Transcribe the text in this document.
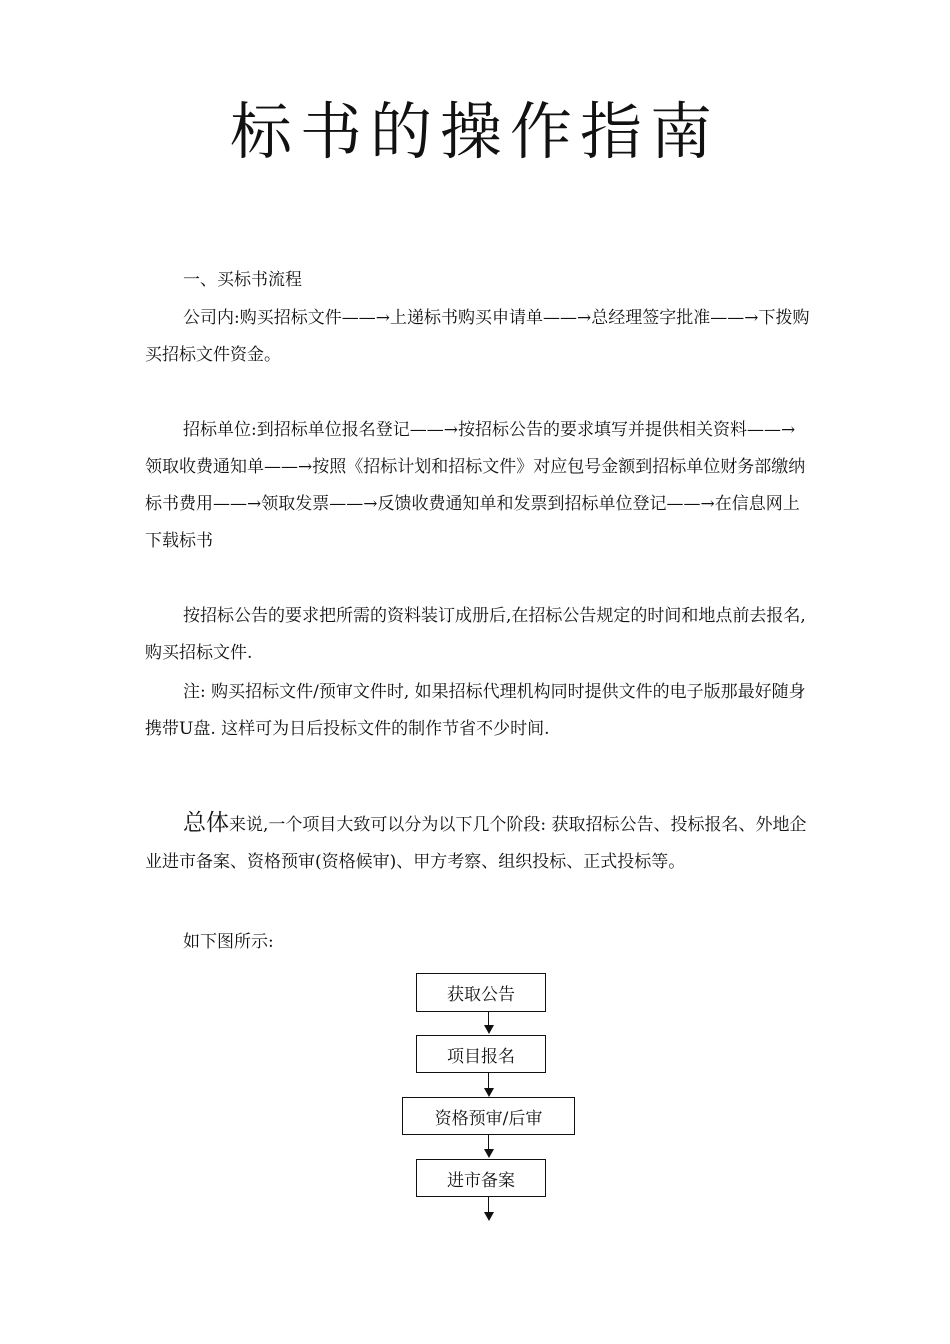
标书的操作指南

一、买标书流程

公司内:购买招标文件——→上递标书购买申请单——→总经理签字批准——→下拨购买招标文件资金。

招标单位:到招标单位报名登记——→按招标公告的要求填写并提供相关资料——→领取收费通知单——→按照《招标计划和招标文件》对应包号金额到招标单位财务部缴纳标书费用——→领取发票——→反馈收费通知单和发票到招标单位登记——→在信息网上下载标书

按招标公告的要求把所需的资料装订成册后,在招标公告规定的时间和地点前去报名,购买招标文件.

注: 购买招标文件/预审文件时, 如果招标代理机构同时提供文件的电子版那最好随身携带U盘. 这样可为日后投标文件的制作节省不少时间.

总体来说,一个项目大致可以分为以下几个阶段: 获取招标公告、投标报名、外地企业进市备案、资格预审(资格候审)、甲方考察、组织投标、正式投标等。

如下图所示:

获取公告
项目报名
资格预审/后审
进市备案
